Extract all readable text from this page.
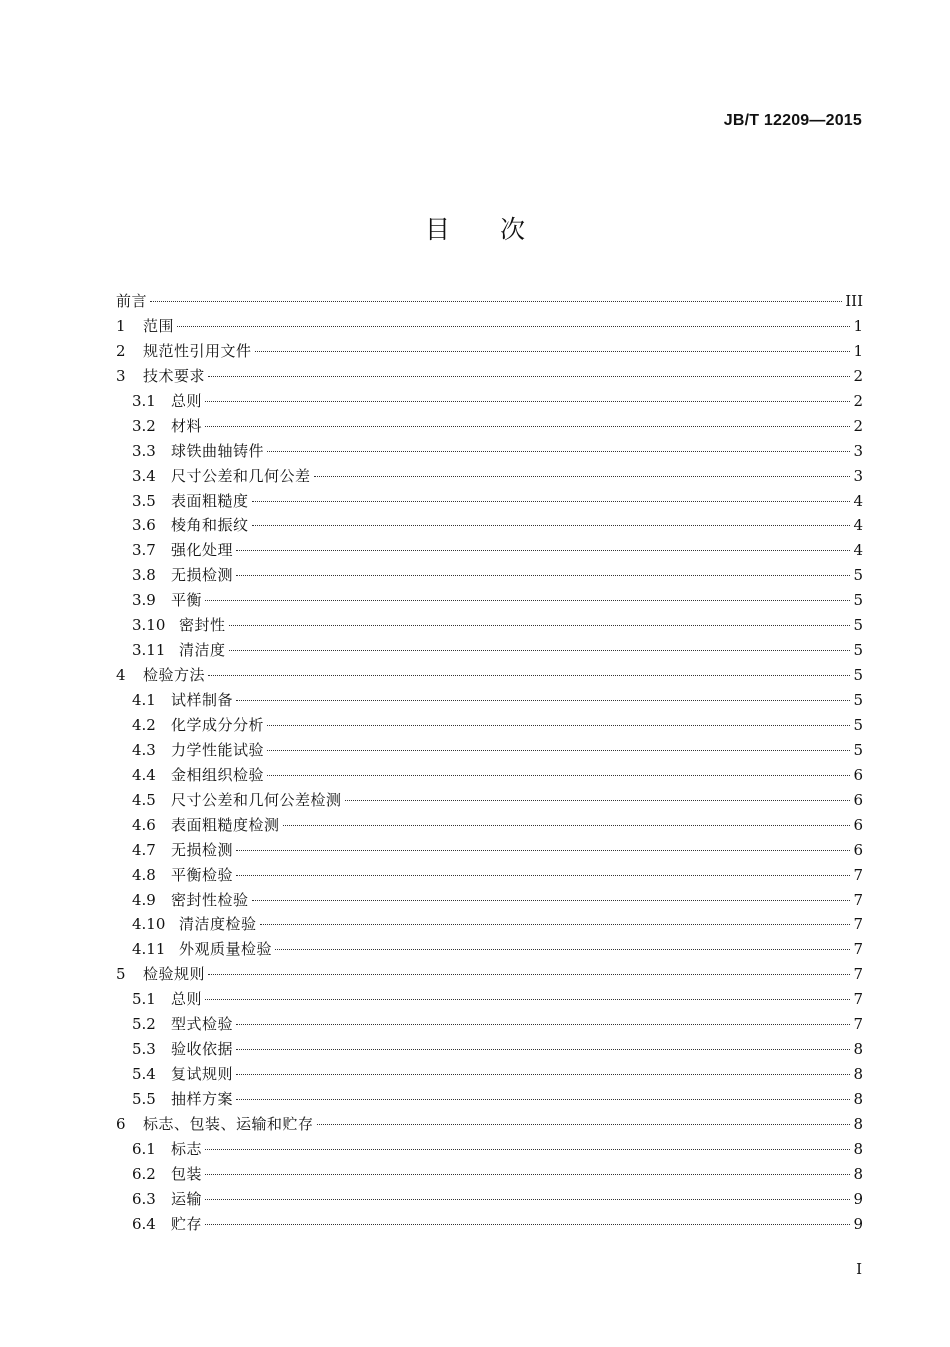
JB/T 12209—2015
目 次
前言	III
1	范围	1
2	规范性引用文件	1
3	技术要求	2
3.1	总则	2
3.2	材料	2
3.3	球铁曲轴铸件	3
3.4	尺寸公差和几何公差	3
3.5	表面粗糙度	4
3.6	棱角和振纹	4
3.7	强化处理	4
3.8	无损检测	5
3.9	平衡	5
3.10 密封性	5
3.11 清洁度	5
4	检验方法	5
4.1	试样制备	5
4.2	化学成分分析	5
4.3	力学性能试验	5
4.4	金相组织检验	6
4.5	尺寸公差和几何公差检测	6
4.6	表面粗糙度检测	6
4.7	无损检测	6
4.8	平衡检验	7
4.9	密封性检验	7
4.10 清洁度检验	7
4.11 外观质量检验	7
5	检验规则	7
5.1	总则	7
5.2	型式检验	7
5.3	验收依据	8
5.4	复试规则	8
5.5	抽样方案	8
6	标志、包装、运输和贮存	8
6.1	标志	8
6.2	包装	8
6.3	运输	9
6.4	贮存	9
I
